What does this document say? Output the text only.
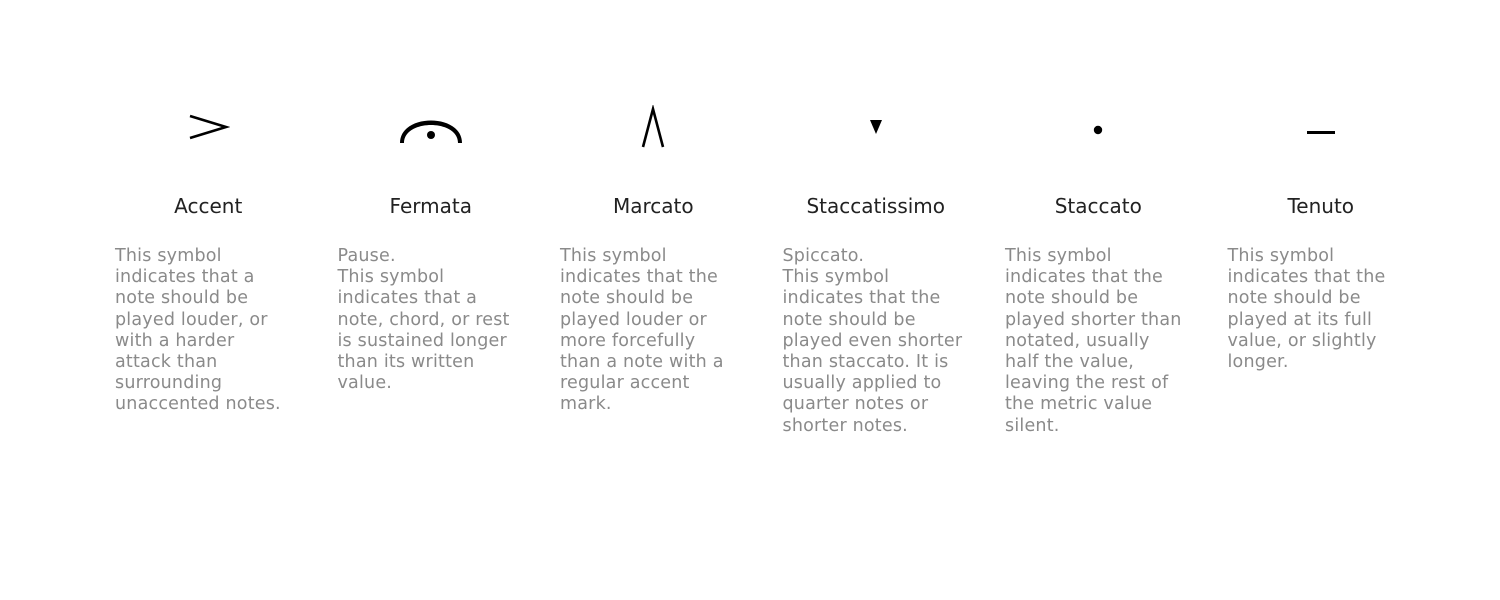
Accent
This symbol
indicates that a
note should be
played louder, or
with a harder
attack than
surrounding
unaccented notes.
Fermata
Pause.
This symbol
indicates that a
note, chord, or rest
is sustained longer
than its written
value.
Marcato
This symbol
indicates that the
note should be
played louder or
more forcefully
than a note with a
regular accent
mark.
Staccatissimo
Spiccato.
This symbol
indicates that the
note should be
played even shorter
than staccato. It is
usually applied to
quarter notes or
shorter notes.
Staccato
This symbol
indicates that the
note should be
played shorter than
notated, usually
half the value,
leaving the rest of
the metric value
silent.
Tenuto
This symbol
indicates that the
note should be
played at its full
value, or slightly
longer.
